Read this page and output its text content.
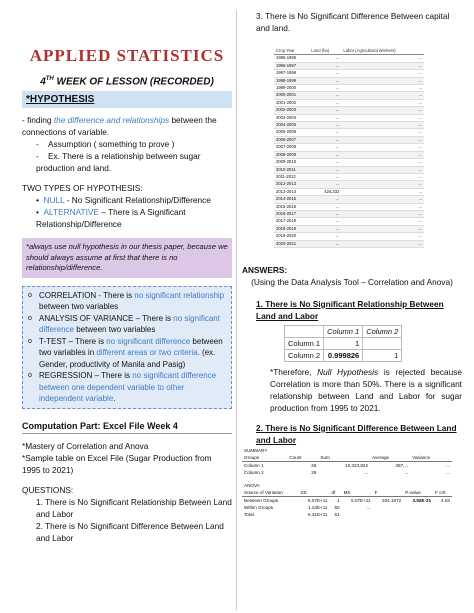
APPLIED STATISTICS
4TH WEEK OF LESSON (RECORDED)
*HYPOTHESIS

- finding the difference and relationships between the connections of variable.

-    Assumption ( something to prove )

-    Ex. There is a relationship between sugar production and land.

TWO TYPES OF HYPOTHESIS:

•  NULL - No Significant Relationship/Difference

•  ALTERNATIVE – There is A Significant Relationship/Difference

*always use null hypothesis in our thesis paper, because we should always assume at first that there is no relationship/difference.
o CORRELATION - There is no significant relationship between two variables
o ANALYSIS OF VARIANCE – There is no significant difference between two variables
o T-TEST – There is no significant difference between two variables in different areas or two criteria. (ex. Gender, productivity of Manila and Pasig)
o REGRESSION – There is no significant difference between one dependent variable to other independent variable.
Computation Part: Excel File Week 4

*Mastery of Correlation and Anova

*Sample table on Excel File (Sugar Production from 1995 to 2021)

QUESTIONS:

1. There is No Significant Relationship Between Land and Labor

2. There is No Significant Difference Between Land and Labor

3. There is No Significant Difference Between capital and land.

Crop Year	Land (ha)	Labor (Agricultural Workers)
1995-1996	...	...
1996-1997	...	...
1997-1998	...	...
1998-1999	...	...
1999-2000	...	...
2000-2001	...	...
2001-2002	...	...
2002-2003	...	...
2003-2004	...	...
2004-2005	...	...
2005-2006	...	...
2006-2007	...	...
2007-2008	...	...
2008-2009	...	...
2009-2010	...	...
2010-2011	...	...
2011-2012	...	...
2012-2013	...	...
2013-2014	424,332	...
2014-2015	...	...
2015-2016	...	...
2016-2017	...	...
2017-2018	...	...
2018-2019	...	...
2019-2020	...	...
2020-2021	...	...

ANSWERS:

(Using the Data Analysis Tool – Correlation and Anova)

1. There is No Significant Relationship Between Land and Labor

	Column 1	Column 2
Column 1	1	
Column 2	0.999826	1

*Therefore, Null Hypothesis is rejected because Correlation is more than 50%. There is a significant relationship between Land and Labor for sugar production from 1995 to 2021.

2. There is No Significant Difference Between Land and Labor

SUMMARY				
Groups	Count	Sum	Average	Variance
Column 1	26	10,323,822	397,...	...
Column 2	26	...	...	...
ANOVA						
Source of Variation	SS	df	MS	F	P-value	F crit
Between Groups	5.07E+11	1	5.07E+11	204.1672	3.92E-31	4.03
Within Groups	1.24E+11	50	...			
Total	6.31E+11	51				
